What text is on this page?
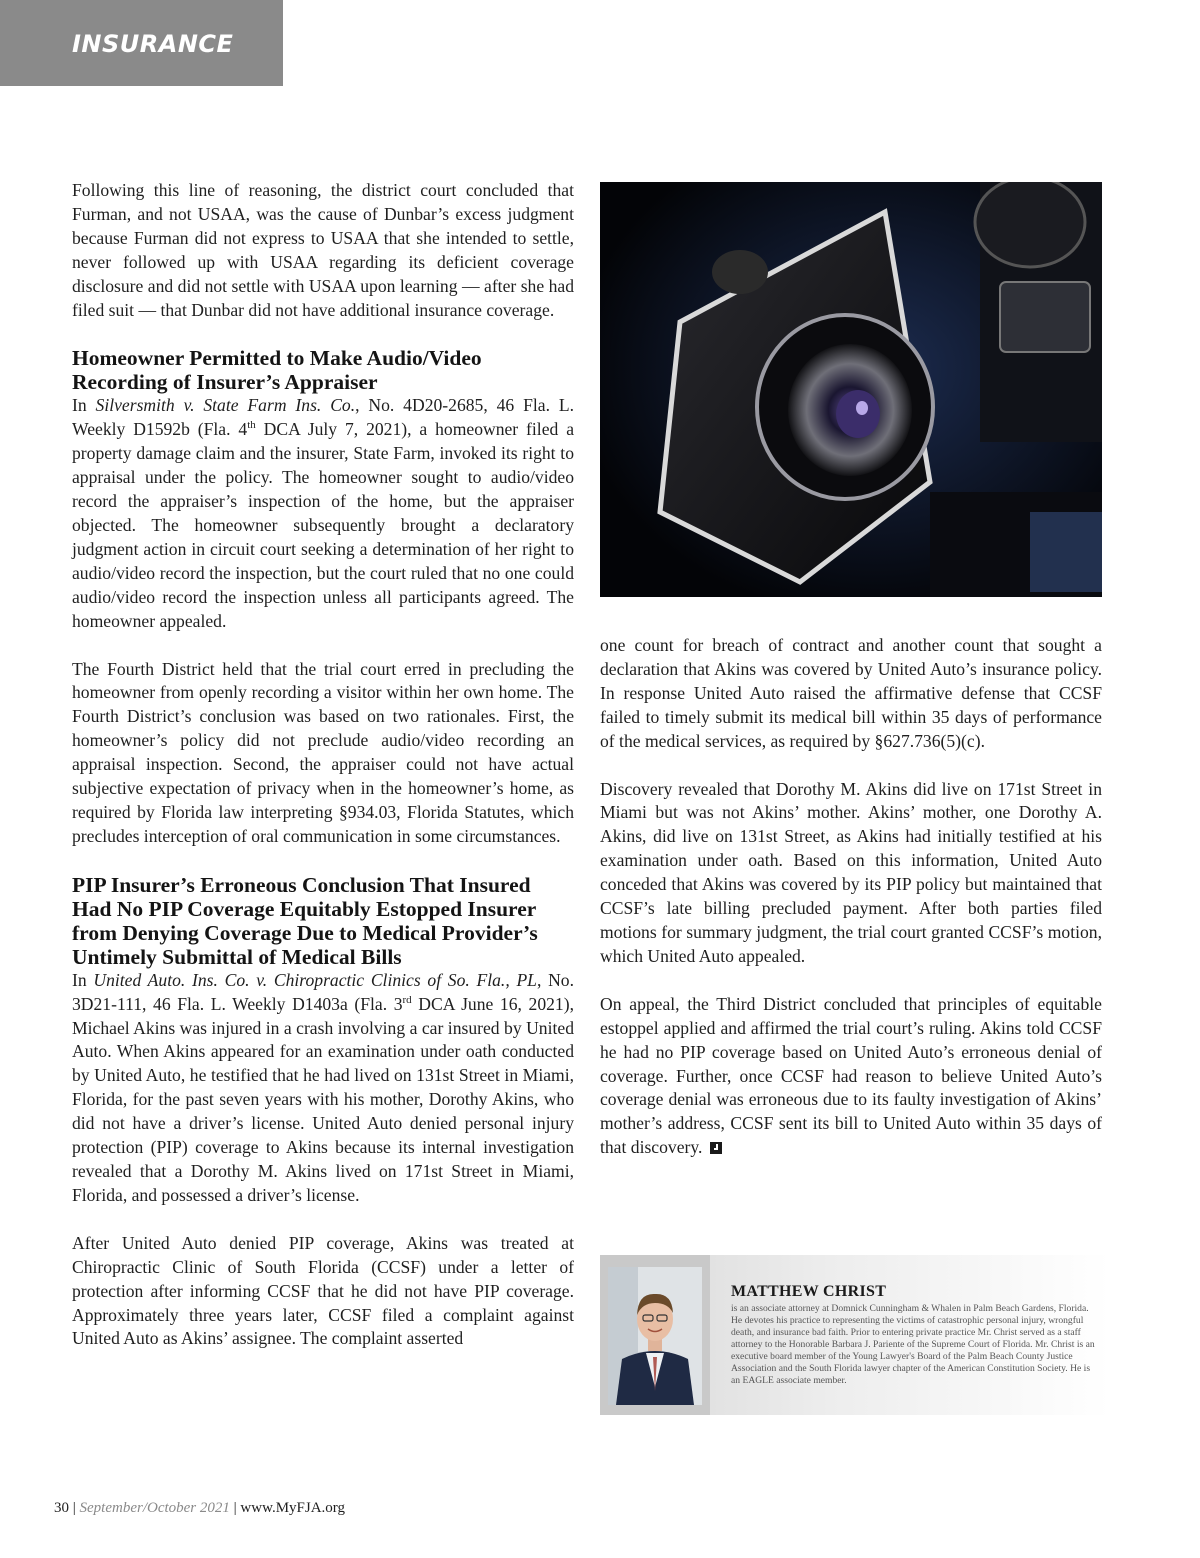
INSURANCE

Following this line of reasoning, the district court concluded that Furman, and not USAA, was the cause of Dunbar’s excess judgment because Furman did not express to USAA that she intended to settle, never followed up with USAA regarding its deficient coverage disclosure and did not settle with USAA upon learning — after she had filed suit — that Dunbar did not have additional insurance coverage.

Homeowner Permitted to Make Audio/Video Recording of Insurer’s Appraiser

In Silversmith v. State Farm Ins. Co., No. 4D20-2685, 46 Fla. L. Weekly D1592b (Fla. 4th DCA July 7, 2021), a homeowner filed a property damage claim and the insurer, State Farm, invoked its right to appraisal under the policy. The homeowner sought to audio/video record the appraiser’s inspection of the home, but the appraiser objected. The homeowner subsequently brought a declaratory judgment action in circuit court seeking a determination of her right to audio/video record the inspection, but the court ruled that no one could audio/video record the inspection unless all participants agreed. The homeowner appealed.

The Fourth District held that the trial court erred in precluding the homeowner from openly recording a visitor within her own home. The Fourth District’s conclusion was based on two rationales. First, the homeowner’s policy did not preclude audio/video recording an appraisal inspection. Second, the appraiser could not have actual subjective expectation of privacy when in the homeowner’s home, as required by Florida law interpreting §934.03, Florida Statutes, which precludes interception of oral communication in some circumstances.

PIP Insurer’s Erroneous Conclusion That Insured Had No PIP Coverage Equitably Estopped Insurer from Denying Coverage Due to Medical Provider’s Untimely Submittal of Medical Bills

In United Auto. Ins. Co. v. Chiropractic Clinics of So. Fla., PL, No. 3D21-111, 46 Fla. L. Weekly D1403a (Fla. 3rd DCA June 16, 2021), Michael Akins was injured in a crash involving a car insured by United Auto. When Akins appeared for an examination under oath conducted by United Auto, he testified that he had lived on 131st Street in Miami, Florida, for the past seven years with his mother, Dorothy Akins, who did not have a driver’s license. United Auto denied personal injury protection (PIP) coverage to Akins because its internal investigation revealed that a Dorothy M. Akins lived on 171st Street in Miami, Florida, and possessed a driver’s license.

After United Auto denied PIP coverage, Akins was treated at Chiropractic Clinic of South Florida (CCSF) under a letter of protection after informing CCSF that he did not have PIP coverage. Approximately three years later, CCSF filed a complaint against United Auto as Akins’ assignee. The complaint asserted

one count for breach of contract and another count that sought a declaration that Akins was covered by United Auto’s insurance policy. In response United Auto raised the affirmative defense that CCSF failed to timely submit its medical bill within 35 days of performance of the medical services, as required by §627.736(5)(c).

Discovery revealed that Dorothy M. Akins did live on 171st Street in Miami but was not Akins’ mother. Akins’ mother, one Dorothy A. Akins, did live on 131st Street, as Akins had initially testified at his examination under oath. Based on this information, United Auto conceded that Akins was covered by its PIP policy but maintained that CCSF’s late billing precluded payment. After both parties filed motions for summary judgment, the trial court granted CCSF’s motion, which United Auto appealed.

On appeal, the Third District concluded that principles of equitable estoppel applied and affirmed the trial court’s ruling. Akins told CCSF he had no PIP coverage based on United Auto’s erroneous denial of coverage. Further, once CCSF had reason to believe United Auto’s coverage denial was erroneous due to its faulty investigation of Akins’ mother’s address, CCSF sent its bill to United Auto within 35 days of that discovery.

MATTHEW CHRIST
is an associate attorney at Domnick Cunningham & Whalen in Palm Beach Gardens, Florida. He devotes his practice to representing the victims of catastrophic personal injury, wrongful death, and insurance bad faith. Prior to entering private practice Mr. Christ served as a staff attorney to the Honorable Barbara J. Pariente of the Supreme Court of Florida. Mr. Christ is an executive board member of the Young Lawyer's Board of the Palm Beach County Justice Association and the South Florida lawyer chapter of the American Constitution Society. He is an EAGLE associate member.
30 | September/October 2021 | www.MyFJA.org
